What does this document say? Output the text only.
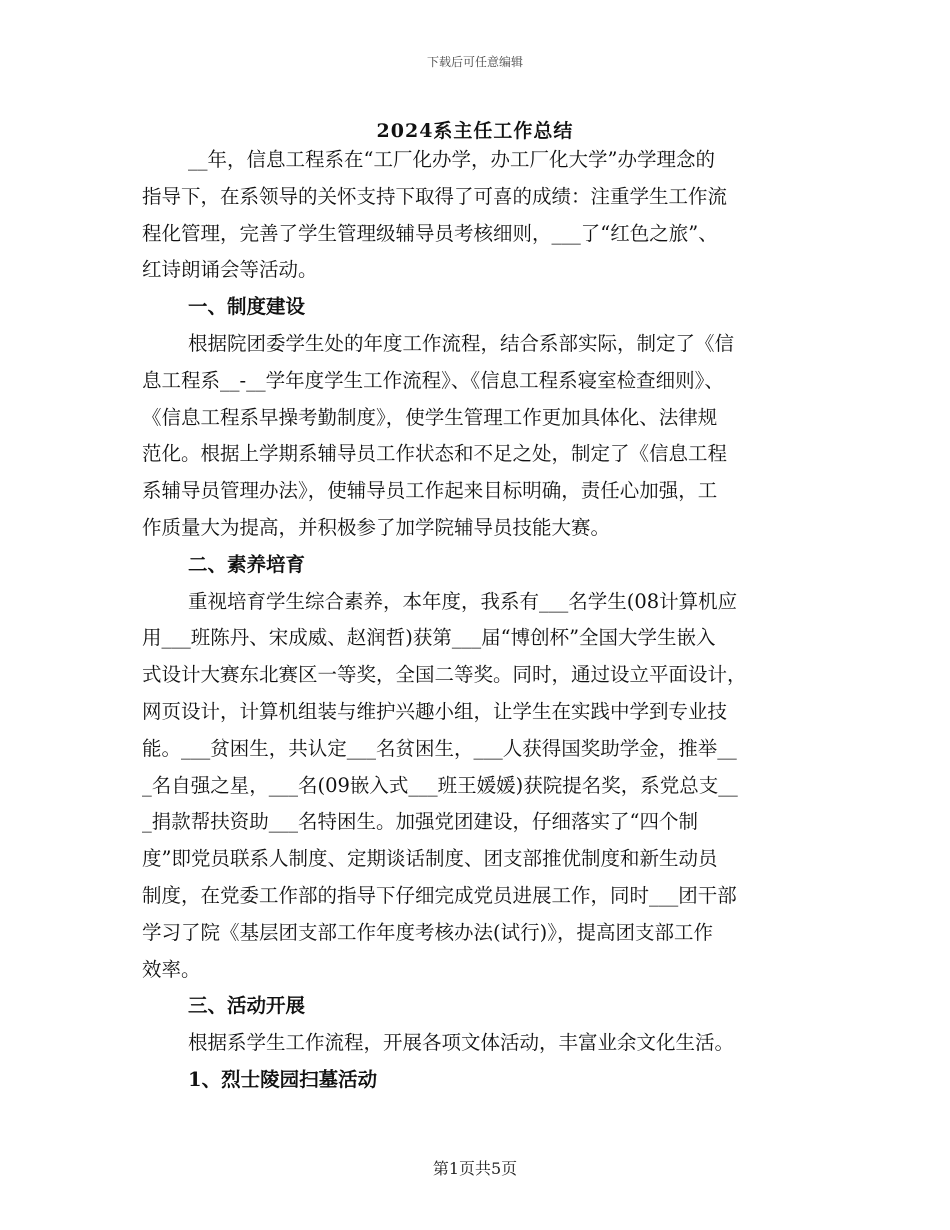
下载后可任意编辑
2024系主任工作总结
__年，信息工程系在“工厂化办学，办工厂化大学”办学理念的
指导下，在系领导的关怀支持下取得了可喜的成绩：注重学生工作流
程化管理，完善了学生管理级辅导员考核细则，___了“红色之旅”、
红诗朗诵会等活动。
一、制度建设
根据院团委学生处的年度工作流程，结合系部实际，制定了《信
息工程系__-__学年度学生工作流程》、《信息工程系寝室检查细则》、
《信息工程系早操考勤制度》，使学生管理工作更加具体化、法律规
范化。根据上学期系辅导员工作状态和不足之处，制定了《信息工程
系辅导员管理办法》，使辅导员工作起来目标明确，责任心加强，工
作质量大为提高，并积极参了加学院辅导员技能大赛。
二、素养培育
重视培育学生综合素养，本年度，我系有___名学生(08计算机应
用___班陈丹、宋成威、赵润哲)获第___届“博创杯”全国大学生嵌入
式设计大赛东北赛区一等奖，全国二等奖。同时，通过设立平面设计，
网页设计，计算机组装与维护兴趣小组，让学生在实践中学到专业技
能。___贫困生，共认定___名贫困生，___人获得国奖助学金，推举__
_名自强之星，___名(09嵌入式___班王媛媛)获院提名奖，系党总支__
_捐款帮扶资助___名特困生。加强党团建设，仔细落实了“四个制
度”即党员联系人制度、定期谈话制度、团支部推优制度和新生动员
制度，在党委工作部的指导下仔细完成党员进展工作，同时___团干部
学习了院《基层团支部工作年度考核办法(试行)》，提高团支部工作
效率。
三、活动开展
根据系学生工作流程，开展各项文体活动，丰富业余文化生活。
1、烈士陵园扫墓活动
第1页共5页
